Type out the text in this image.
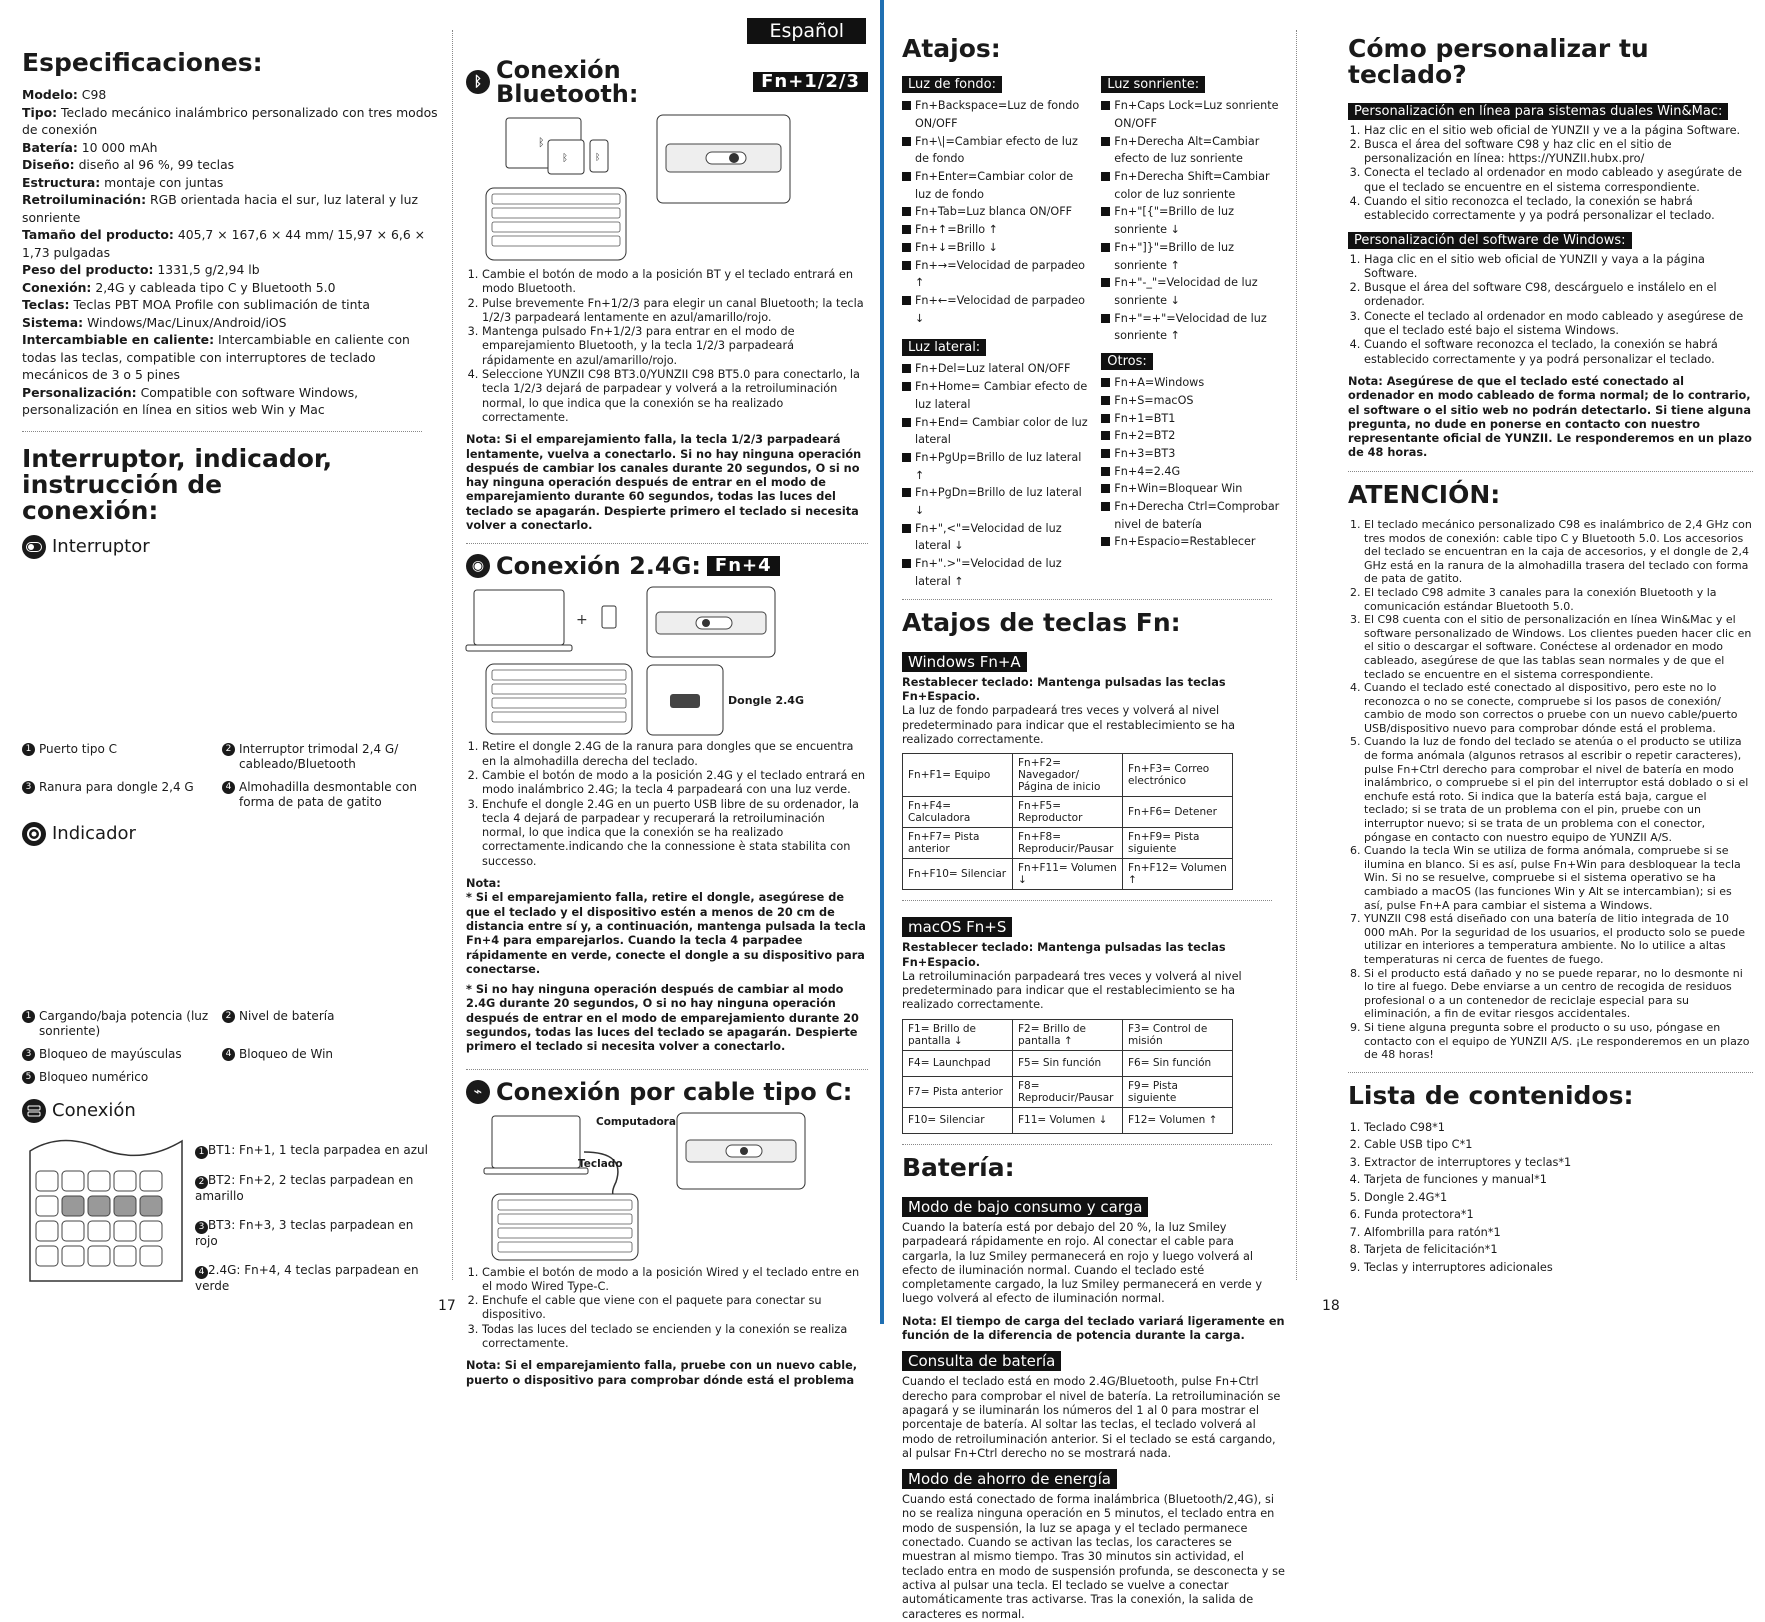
Español
Especificaciones:

Modelo: C98

Tipo: Teclado mecánico inalámbrico personalizado con tres modos de conexión

Batería: 10 000 mAh

Diseño: diseño al 96 %, 99 teclas

Estructura: montaje con juntas

Retroiluminación: RGB orientada hacia el sur, luz lateral y luz sonriente

Tamaño del producto: 405,7 × 167,6 × 44 mm/ 15,97 × 6,6 × 1,73 pulgadas

Peso del producto: 1331,5 g/2,94 lb

Conexión: 2,4G y cableada tipo C y Bluetooth 5.0

Teclas: Teclas PBT MOA Profile con sublimación de tinta

Sistema: Windows/Mac/Linux/Android/iOS

Intercambiable en caliente: Intercambiable en caliente con todas las teclas, compatible con interruptores de teclado mecánicos de 3 o 5 pines

Personalización: Compatible con software Windows, personalización en línea en sitios web Win y Mac

Interruptor, indicador, instrucción de conexión:
Interruptor
1 Puerto tipo C	2 Interruptor trimodal 2,4 G/ cableado/Bluetooth
3 Ranura para dongle 2,4 G	4 Almohadilla desmontable con forma de pata de gatito
Indicador
1 Cargando/baja potencia (luz sonriente)
2 Nivel de batería
3 Bloqueo de mayúsculas	4 Bloqueo de Win
5 Bloqueo numérico
Conexión
1 BT1: Fn+1, 1 tecla parpadea en azul
2 BT2: Fn+2, 2 teclas parpadean en amarillo
3 BT3: Fn+3, 3 teclas parpadean en rojo
4 2.4G: Fn+4, 4 teclas parpadean en verde
ᛒ Conexión Bluetooth:	Fn+1/2/3
ᛒ
ᛒ	ᛒ
1. Cambie el botón de modo a la posición BT y el teclado entrará en modo Bluetooth.
2. Pulse brevemente Fn+1/2/3 para elegir un canal Bluetooth; la tecla 1/2/3 parpadeará lentamente en azul/amarillo/rojo.
3. Mantenga pulsado Fn+1/2/3 para entrar en el modo de emparejamiento Bluetooth, y la tecla 1/2/3 parpadeará rápidamente en azul/amarillo/rojo.
4. Seleccione YUNZII C98 BT3.0/YUNZII C98 BT5.0 para conectarlo, la tecla 1/2/3 dejará de parpadear y volverá a la retroiluminación normal, lo que indica que la conexión se ha realizado correctamente.

Nota: Si el emparejamiento falla, la tecla 1/2/3 parpadeará lentamente, vuelva a conectarlo. Si no hay ninguna operación después de cambiar los canales durante 20 segundos, O si no hay ninguna operación después de entrar en el modo de emparejamiento durante 60 segundos, todas las luces del teclado se apagarán. Despierte primero el teclado si necesita volver a conectarlo.

◉ Conexión 2.4G: Fn+4
+
Dongle 2.4G
1. Retire el dongle 2.4G de la ranura para dongles que se encuentra en la almohadilla derecha del teclado.
2. Cambie el botón de modo a la posición 2.4G y el teclado entrará en modo inalámbrico 2.4G; la tecla 4 parpadeará con una luz verde.
3. Enchufe el dongle 2.4G en un puerto USB libre de su ordenador, la tecla 4 dejará de parpadear y recuperará la retroiluminación normal, lo que indica que la conexión se ha realizado correctamente.indicando che la connessione è stata stabilita con successo.

Nota:

* Si el emparejamiento falla, retire el dongle, asegúrese de que el teclado y el dispositivo estén a menos de 20 cm de distancia entre sí y, a continuación, mantenga pulsada la tecla Fn+4 para emparejarlos. Cuando la tecla 4 parpadee rápidamente en verde, conecte el dongle a su dispositivo para conectarse.

* Si no hay ninguna operación después de cambiar al modo 2.4G durante 20 segundos, O si no hay ninguna operación después de entrar en el modo de emparejamiento durante 20 segundos, todas las luces del teclado se apagarán. Despierte primero el teclado si necesita volver a conectarlo.

⌁ Conexión por cable tipo C:
Computadora
Teclado
1. Cambie el botón de modo a la posición Wired y el teclado entre en el modo Wired Type-C.
2. Enchufe el cable que viene con el paquete para conectar su dispositivo.
3. Todas las luces del teclado se encienden y la conexión se realiza correctamente.

Nota: Si el emparejamiento falla, pruebe con un nuevo cable, puerto o dispositivo para comprobar dónde está el problema

17
Atajos:
Luz de fondo:
Fn+Backspace=Luz de fondo ON/OFF
Fn+\|=Cambiar efecto de luz de fondo
Fn+Enter=Cambiar color de luz de fondo
Fn+Tab=Luz blanca ON/OFF
Fn+↑=Brillo ↑
Fn+↓=Brillo ↓
Fn+→=Velocidad de parpadeo ↑
Fn+←=Velocidad de parpadeo ↓
Luz lateral:
Fn+Del=Luz lateral ON/OFF
Fn+Home= Cambiar efecto de luz lateral
Fn+End= Cambiar color de luz lateral
Fn+PgUp=Brillo de luz lateral ↑
Fn+PgDn=Brillo de luz lateral ↓
Fn+",<"=Velocidad de luz lateral ↓
Fn+".>"=Velocidad de luz lateral ↑
Luz sonriente:
Fn+Caps Lock=Luz sonriente ON/OFF
Fn+Derecha Alt=Cambiar efecto de luz sonriente
Fn+Derecha Shift=Cambiar color de luz sonriente
Fn+"[{"=Brillo de luz sonriente ↓
Fn+"]}"=Brillo de luz sonriente ↑
Fn+"-_"=Velocidad de luz sonriente ↓
Fn+"=+"=Velocidad de luz sonriente ↑
Otros:
Fn+A=Windows
Fn+S=macOS
Fn+1=BT1
Fn+2=BT2
Fn+3=BT3
Fn+4=2.4G
Fn+Win=Bloquear Win
Fn+Derecha Ctrl=Comprobar nivel de batería
Fn+Espacio=Restablecer
Atajos de teclas Fn:
Windows Fn+A

Restablecer teclado: Mantenga pulsadas las teclas Fn+Espacio.

La luz de fondo parpadeará tres veces y volverá al nivel predeterminado para indicar que el restablecimiento se ha realizado correctamente.

Fn+F1= Equipo	Fn+F2= Navegador/ Página de inicio	Fn+F3= Correo electrónico
Fn+F4= Calculadora	Fn+F5= Reproductor	Fn+F6= Detener
Fn+F7= Pista anterior	Fn+F8= Reproducir/Pausar	Fn+F9= Pista siguiente
Fn+F10= Silenciar	Fn+F11= Volumen ↓	Fn+F12= Volumen ↑
macOS Fn+S

Restablecer teclado: Mantenga pulsadas las teclas Fn+Espacio.

La retroiluminación parpadeará tres veces y volverá al nivel predeterminado para indicar que el restablecimiento se ha realizado correctamente.

F1= Brillo de pantalla ↓	F2= Brillo de pantalla ↑	F3= Control de misión
F4= Launchpad	F5= Sin función	F6= Sin función
F7= Pista anterior	F8= Reproducir/Pausar	F9= Pista siguiente
F10= Silenciar	F11= Volumen ↓	F12= Volumen ↑
Batería:
Modo de bajo consumo y carga

Cuando la batería está por debajo del 20 %, la luz Smiley parpadeará rápidamente en rojo. Al conectar el cable para cargarla, la luz Smiley permanecerá en rojo y luego volverá al efecto de iluminación normal. Cuando el teclado esté completamente cargado, la luz Smiley permanecerá en verde y luego volverá al efecto de iluminación normal.

Nota: El tiempo de carga del teclado variará ligeramente en función de la diferencia de potencia durante la carga.

Consulta de batería

Cuando el teclado está en modo 2.4G/Bluetooth, pulse Fn+Ctrl derecho para comprobar el nivel de batería. La retroiluminación se apagará y se iluminarán los números del 1 al 0 para mostrar el porcentaje de batería. Al soltar las teclas, el teclado volverá al modo de retroiluminación anterior. Si el teclado se está cargando, al pulsar Fn+Ctrl derecho no se mostrará nada.

Modo de ahorro de energía

Cuando está conectado de forma inalámbrica (Bluetooth/2,4G), si no se realiza ninguna operación en 5 minutos, el teclado entra en modo de suspensión, la luz se apaga y el teclado permanece conectado. Cuando se activan las teclas, los caracteres se muestran al mismo tiempo. Tras 30 minutos sin actividad, el teclado entra en modo de suspensión profunda, se desconecta y se activa al pulsar una tecla. El teclado se vuelve a conectar automáticamente tras activarse. Tras la conexión, la salida de caracteres es normal.

Cómo personalizar tu teclado?
Personalización en línea para sistemas duales Win&Mac:
1. Haz clic en el sitio web oficial de YUNZII y ve a la página Software.
2. Busca el área del software C98 y haz clic en el sitio de personalización en línea: https://YUNZII.hubx.pro/
3. Conecta el teclado al ordenador en modo cableado y asegúrate de que el teclado se encuentre en el sistema correspondiente.
4. Cuando el sitio reconozca el teclado, la conexión se habrá establecido correctamente y ya podrá personalizar el teclado.
Personalización del software de Windows:
1. Haga clic en el sitio web oficial de YUNZII y vaya a la página Software.
2. Busque el área del software C98, descárguelo e instálelo en el ordenador.
3. Conecte el teclado al ordenador en modo cableado y asegúrese de que el teclado esté bajo el sistema Windows.
4. Cuando el software reconozca el teclado, la conexión se habrá establecido correctamente y ya podrá personalizar el teclado.

Nota: Asegúrese de que el teclado esté conectado al ordenador en modo cableado de forma normal; de lo contrario, el software o el sitio web no podrán detectarlo. Si tiene alguna pregunta, no dude en ponerse en contacto con nuestro representante oficial de YUNZII. Le responderemos en un plazo de 48 horas.

ATENCIÓN:
1. El teclado mecánico personalizado C98 es inalámbrico de 2,4 GHz con tres modos de conexión: cable tipo C y Bluetooth 5.0. Los accesorios del teclado se encuentran en la caja de accesorios, y el dongle de 2,4 GHz está en la ranura de la almohadilla trasera del teclado con forma de pata de gatito.
2. El teclado C98 admite 3 canales para la conexión Bluetooth y la comunicación estándar Bluetooth 5.0.
3. El C98 cuenta con el sitio de personalización en línea Win&Mac y el software personalizado de Windows. Los clientes pueden hacer clic en el sitio o descargar el software. Conéctese al ordenador en modo cableado, asegúrese de que las tablas sean normales y de que el teclado se encuentre en el sistema correspondiente.
4. Cuando el teclado esté conectado al dispositivo, pero este no lo reconozca o no se conecte, compruebe si los pasos de conexión/ cambio de modo son correctos o pruebe con un nuevo cable/puerto USB/dispositivo nuevo para comprobar dónde está el problema.
5. Cuando la luz de fondo del teclado se atenúa o el producto se utiliza de forma anómala (algunos retrasos al escribir o repetir caracteres), pulse Fn+Ctrl derecho para comprobar el nivel de batería en modo inalámbrico, o compruebe si el pin del interruptor está doblado o si el enchufe está roto. Si indica que la batería está baja, cargue el teclado; si se trata de un problema con el pin, pruebe con un interruptor nuevo; si se trata de un problema con el conector, póngase en contacto con nuestro equipo de YUNZII A/S.
6. Cuando la tecla Win se utiliza de forma anómala, compruebe si se ilumina en blanco. Si es así, pulse Fn+Win para desbloquear la tecla Win. Si no se resuelve, compruebe si el sistema operativo se ha cambiado a macOS (las funciones Win y Alt se intercambian); si es así, pulse Fn+A para cambiar el sistema a Windows.
7. YUNZII C98 está diseñado con una batería de litio integrada de 10 000 mAh. Por la seguridad de los usuarios, el producto solo se puede utilizar en interiores a temperatura ambiente. No lo utilice a altas temperaturas ni cerca de fuentes de fuego.
8. Si el producto está dañado y no se puede reparar, no lo desmonte ni lo tire al fuego. Debe enviarse a un centro de recogida de residuos profesional o a un contenedor de reciclaje especial para su eliminación, a fin de evitar riesgos accidentales.
9. Si tiene alguna pregunta sobre el producto o su uso, póngase en contacto con el equipo de YUNZII A/S. ¡Le responderemos en un plazo de 48 horas!
Lista de contenidos:
1. Teclado C98*1
2. Cable USB tipo C*1
3. Extractor de interruptores y teclas*1
4. Tarjeta de funciones y manual*1
5. Dongle 2.4G*1
6. Funda protectora*1
7. Alfombrilla para ratón*1
8. Tarjeta de felicitación*1
9. Teclas y interruptores adicionales
18
